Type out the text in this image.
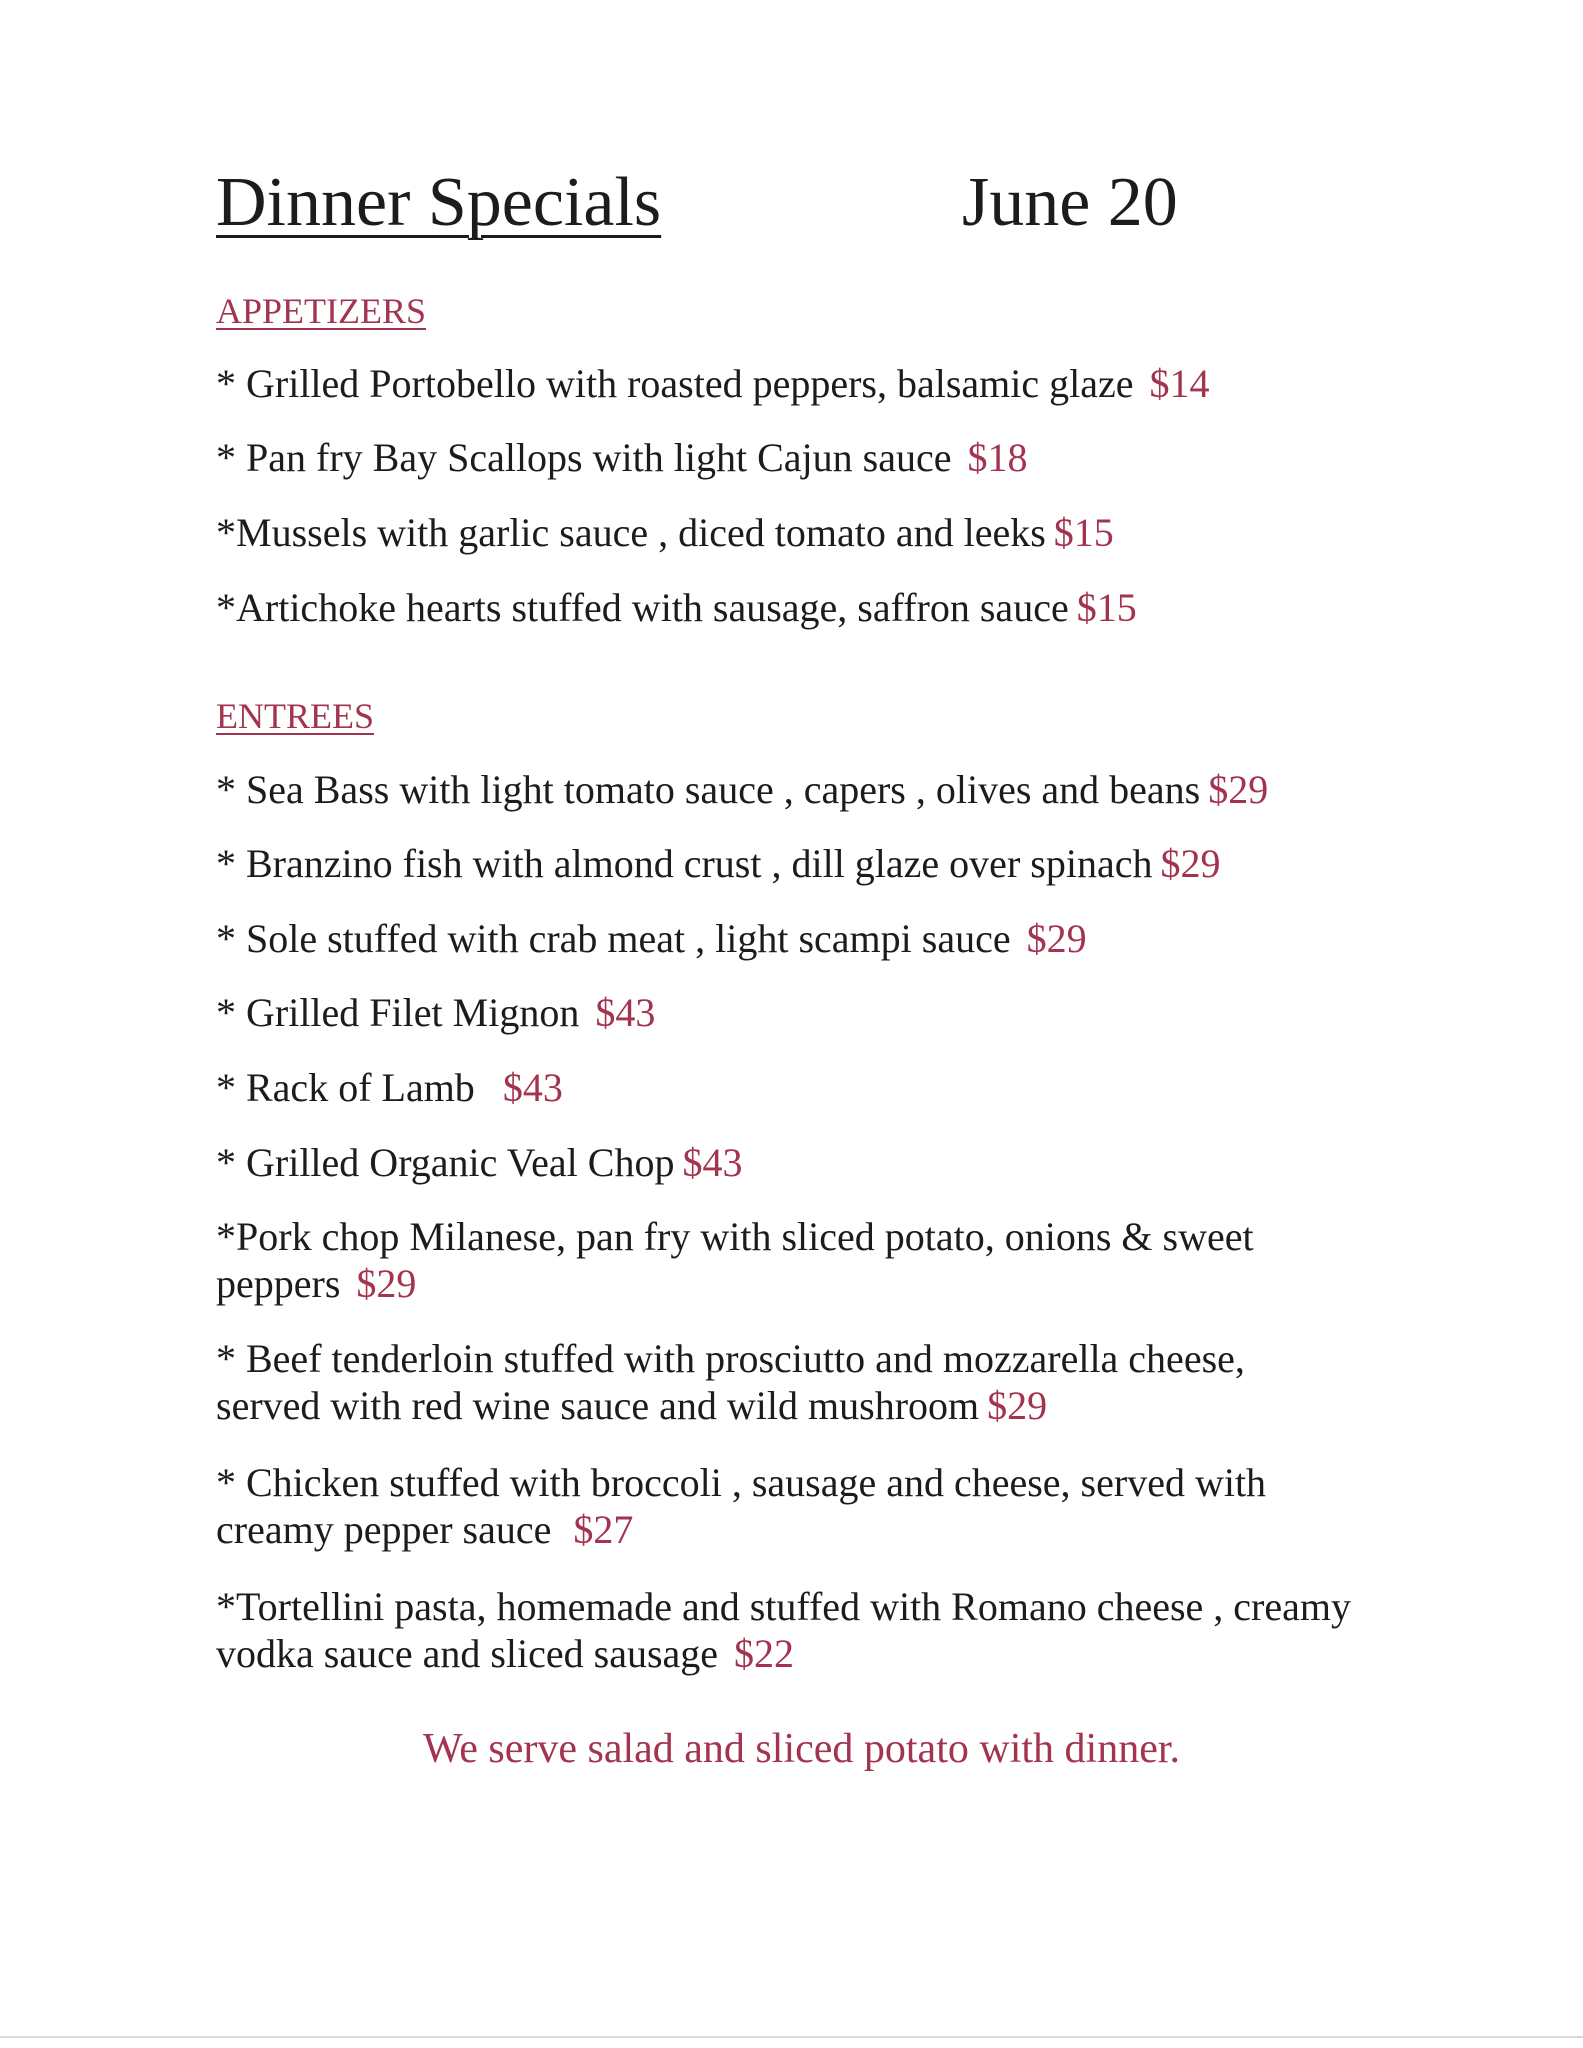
Dinner Specials	June 20
APPETIZERS
* Grilled Portobello with roasted peppers, balsamic glaze $14
* Pan fry Bay Scallops with light Cajun sauce $18
*Mussels with garlic sauce , diced tomato and leeks $15
*Artichoke hearts stuffed with sausage, saffron sauce $15
ENTREES
* Sea Bass with light tomato sauce , capers , olives and beans $29
* Branzino fish with almond crust , dill glaze over spinach $29
* Sole stuffed with crab meat , light scampi sauce $29
* Grilled Filet Mignon $43
* Rack of Lamb $43
* Grilled Organic Veal Chop $43
*Pork chop Milanese, pan fry with sliced potato, onions & sweet peppers $29
* Beef tenderloin stuffed with prosciutto and mozzarella cheese, served with red wine sauce and wild mushroom $29
* Chicken stuffed with broccoli , sausage and cheese, served with creamy pepper sauce $27
*Tortellini pasta, homemade and stuffed with Romano cheese , creamy vodka sauce and sliced sausage $22
We serve salad and sliced potato with dinner.
